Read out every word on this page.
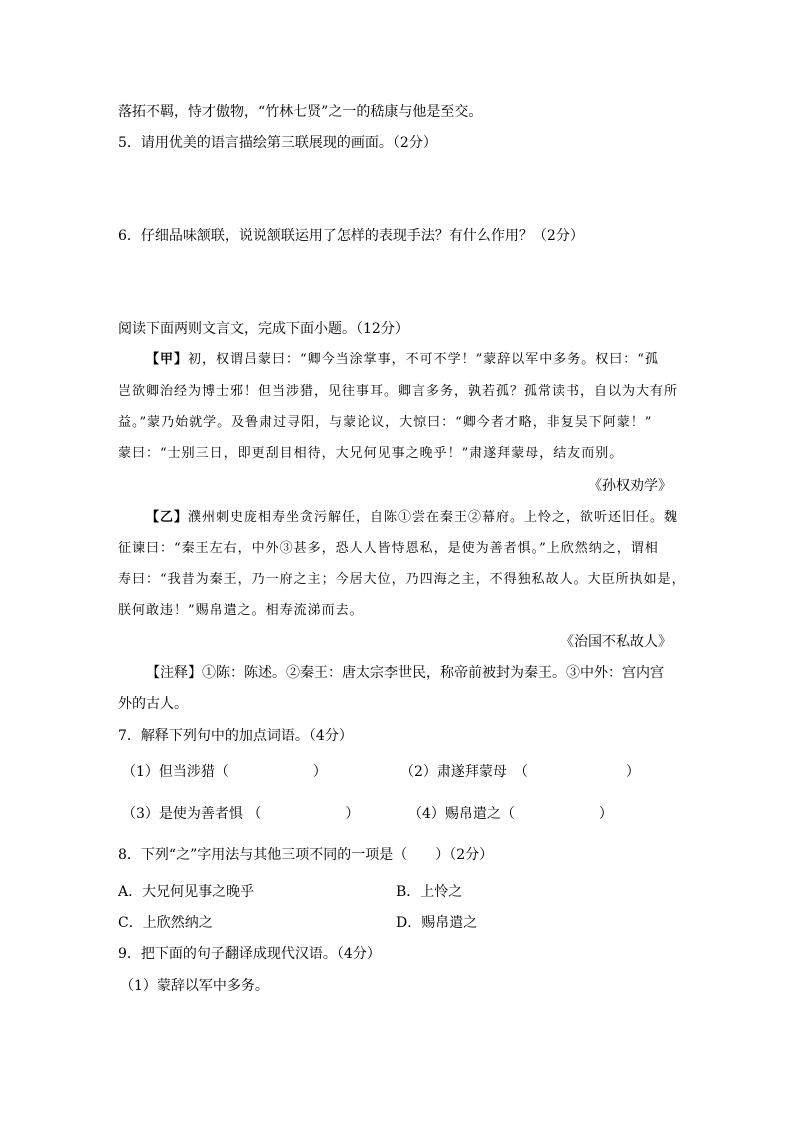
落拓不羁，恃才傲物，“竹林七贤”之一的嵇康与他是至交。
5．请用优美的语言描绘第三联展现的画面。（2分）
6．仔细品味颔联，说说颔联运用了怎样的表现手法？有什么作用？（2分）
阅读下面两则文言文，完成下面小题。（12分）
【甲】初，权谓吕蒙曰：“卿今当涂掌事，不可不学！”蒙辞以军中多务。权曰：“孤
岂欲卿治经为博士邪！但当涉猎，见往事耳。卿言多务，孰若孤？孤常读书，自以为大有所
益。”蒙乃始就学。及鲁肃过寻阳，与蒙论议，大惊曰：“卿今者才略，非复吴下阿蒙！”
蒙曰：“士别三日，即更刮目相待，大兄何见事之晚乎！”肃遂拜蒙母，结友而别。
《孙权劝学》
【乙】濮州刺史庞相寿坐贪污解任，自陈①尝在秦王②幕府。上怜之，欲听还旧任。魏
征谏曰：“秦王左右，中外③甚多，恐人人皆恃恩私，是使为善者惧。”上欣然纳之，谓相
寿曰：“我昔为秦王，乃一府之主；今居大位，乃四海之主，不得独私故人。大臣所执如是，
朕何敢违！”赐帛遣之。相寿流涕而去。
《治国不私故人》
【注释】①陈：陈述。②秦王：唐太宗李世民，称帝前被封为秦王。③中外：宫内宫
外的古人。
7．解释下列句中的加点词语。（4分）
（1）但当涉猎（　　　　　　）	（2）肃遂拜蒙母　（　　　　　　　）
（3）是使为善者惧 （　　　　　　）	（4）赐帛遣之（　　　　　　）
8．下列“之”字用法与其他三项不同的一项是（　　）（2分）
A．大兄何见事之晚乎	B．上怜之
C．上欣然纳之	D．赐帛遣之
9．把下面的句子翻译成现代汉语。（4分）
（1）蒙辞以军中多务。
